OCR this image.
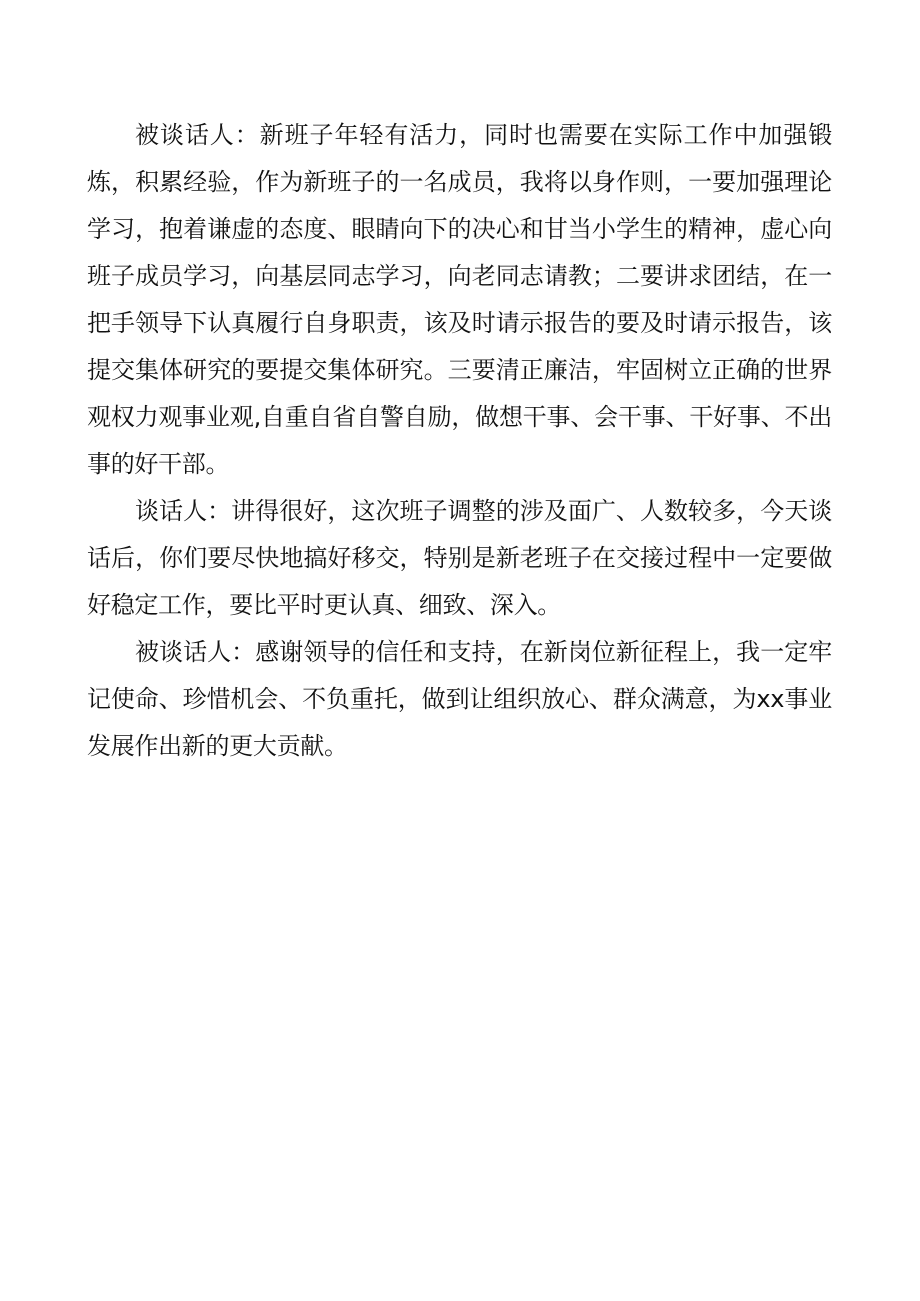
被谈话人：新班子年轻有活力，同时也需要在实际工作中加强锻炼，积累经验，作为新班子的一名成员，我将以身作则，一要加强理论学习，抱着谦虚的态度、眼睛向下的决心和甘当小学生的精神，虚心向班子成员学习，向基层同志学习，向老同志请教；二要讲求团结，在一把手领导下认真履行自身职责，该及时请示报告的要及时请示报告，该提交集体研究的要提交集体研究。三要清正廉洁，牢固树立正确的世界观权力观事业观,自重自省自警自励，做想干事、会干事、干好事、不出事的好干部。

谈话人：讲得很好，这次班子调整的涉及面广、人数较多，今天谈话后，你们要尽快地搞好移交，特别是新老班子在交接过程中一定要做好稳定工作，要比平时更认真、细致、深入。

被谈话人：感谢领导的信任和支持，在新岗位新征程上，我一定牢记使命、珍惜机会、不负重托，做到让组织放心、群众满意，为xx事业发展作出新的更大贡献。
